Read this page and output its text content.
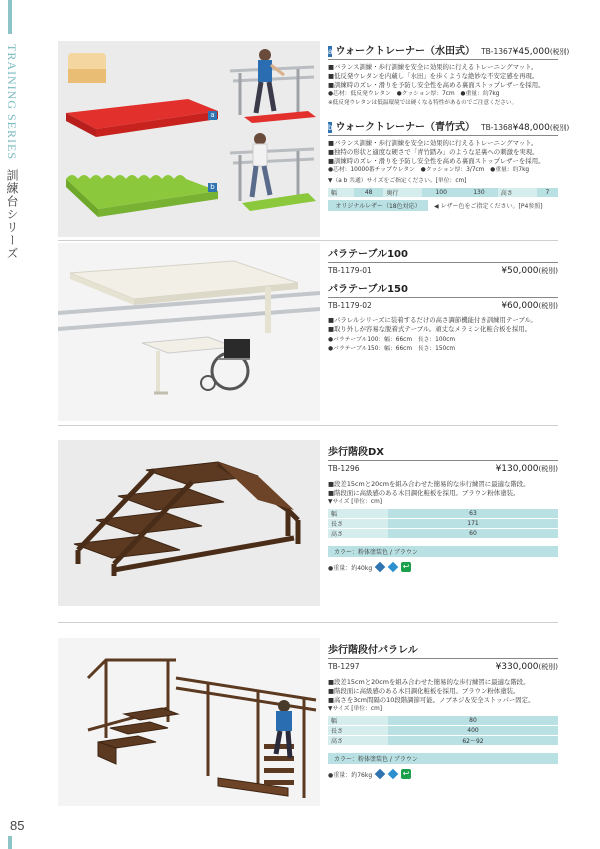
TRAINING SERIES 訓練台シリーズ
85
a
b
a ウォークトレーナー（水田式） TB-1367 ¥45,000(税別)
■バランス訓練・歩行訓練を安全に効果的に行えるトレーニングマット。
■低反発ウレタンを内蔵し「水田」を歩くような絶妙な不安定感を再現。
■訓練時のズレ・滑りを予防し安全性を高める裏面ストップレザーを採用。
●芯材：低反発ウレタン　●クッション厚：7cm　●重量：約7kg
※低反発ウレタンは低温環境では硬くなる特性があるのでご注意ください。
b ウォークトレーナー（青竹式） TB-1368 ¥48,000(税別)
■バランス訓練・歩行訓練を安全に効果的に行えるトレーニングマット。
■独特の形状と適度な硬さで「青竹踏み」のような足裏への刺激を実現。
■訓練時のズレ・滑りを予防し安全性を高める裏面ストップレザーを採用。
●芯材：10000番チップウレタン　●クッション厚：3/7cm　●重量：約7kg
▼（a b 共通）サイズをご指定ください。[単位：cm]
幅	48	奥行	100	130	高さ	7
オリジナルレザー（18色対応）	◀ レザー色をご指定ください。[P4参照]
パラテーブル100
TB-1179-01	¥50,000(税別)
パラテーブル150
TB-1179-02	¥60,000(税別)
■パラレルシリーズに装着するだけの高さ調節機能付き訓練用テーブル。
■取り外しが容易な脱着式テーブル。頑丈なメラミン化粧合板を採用。
●パラテーブル100：幅：66cm　長さ：100cm
●パラテーブル150：幅：66cm　長さ：150cm
歩行階段DX
TB-1296	¥130,000(税別)
■段差15cmと20cmを組み合わせた簡易的な歩行練習に最適な階段。
■階段面に高級感のある木目調化粧板を採用。ブラウン粉体塗装。
▼サイズ [単位：cm]
幅	63
長さ	171
高さ	60
カラー：粉体塗装色 / ブラウン
●重量：約40kg
↩
歩行階段付パラレル
TB-1297	¥330,000(税別)
■段差15cmと20cmを組み合わせた簡易的な歩行練習に最適な階段。
■階段面に高級感のある木目調化粧板を採用。ブラウン粉体塗装。
■高さを3cm間隔の10段階調節可能。ノブネジ＆安全ストッパー固定。
▼サイズ [単位：cm]
幅	80
長さ	400
高さ	62〜92
カラー：粉体塗装色 / ブラウン
●重量：約76kg
↩
